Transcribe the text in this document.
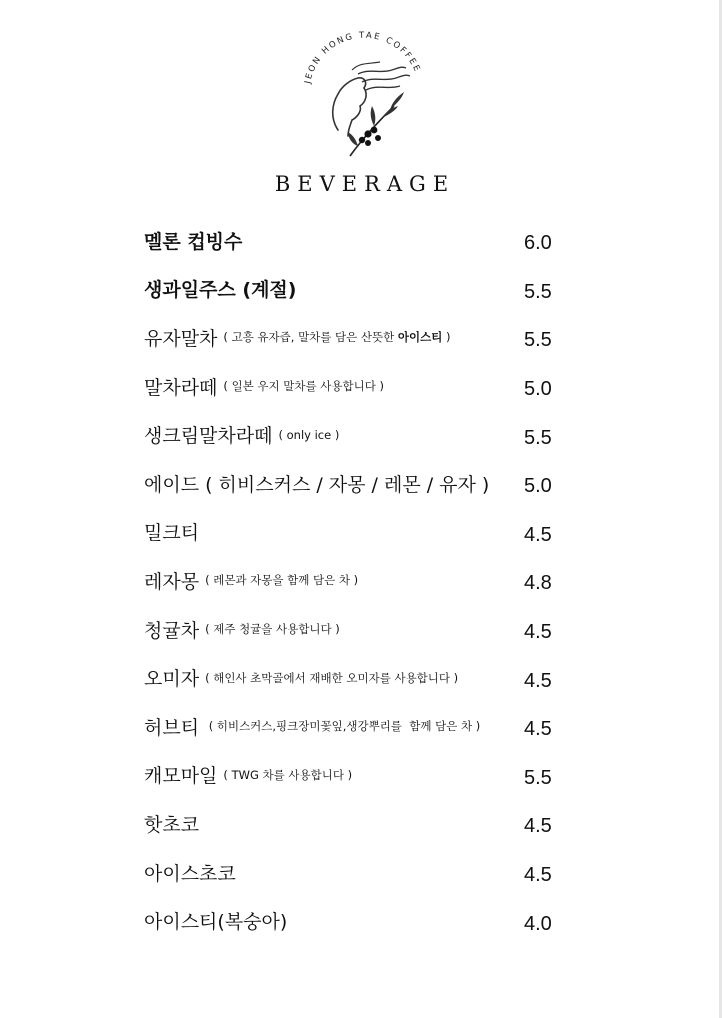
JEON HONG TAE COFFEE
BEVERAGE
멜론 컵빙수	6.0
생과일주스 (계절)	5.5
유자말차 ( 고흥 유자즙, 말차를 담은 산뜻한 아이스티 )	5.5
말차라떼 ( 일본 우지 말차를 사용합니다 )	5.0
생크림말차라떼 ( only ice )	5.5
에이드 ( 히비스커스 / 자몽 / 레몬 / 유자 ) 5.0
밀크티	4.5
레자몽 ( 레몬과 자몽을 함께 담은 차 )	4.8
청귤차 ( 제주 청귤을 사용합니다 )	4.5
오미자 ( 해인사 초막골에서 재배한 오미자를 사용합니다 )	4.5
허브티 ( 히비스커스,핑크장미꽃잎,생강뿌리를  함께 담은 차 ) 4.5
캐모마일 ( TWG 차를 사용합니다 )	5.5
핫초코	4.5
아이스초코	4.5
아이스티(복숭아)	4.0
